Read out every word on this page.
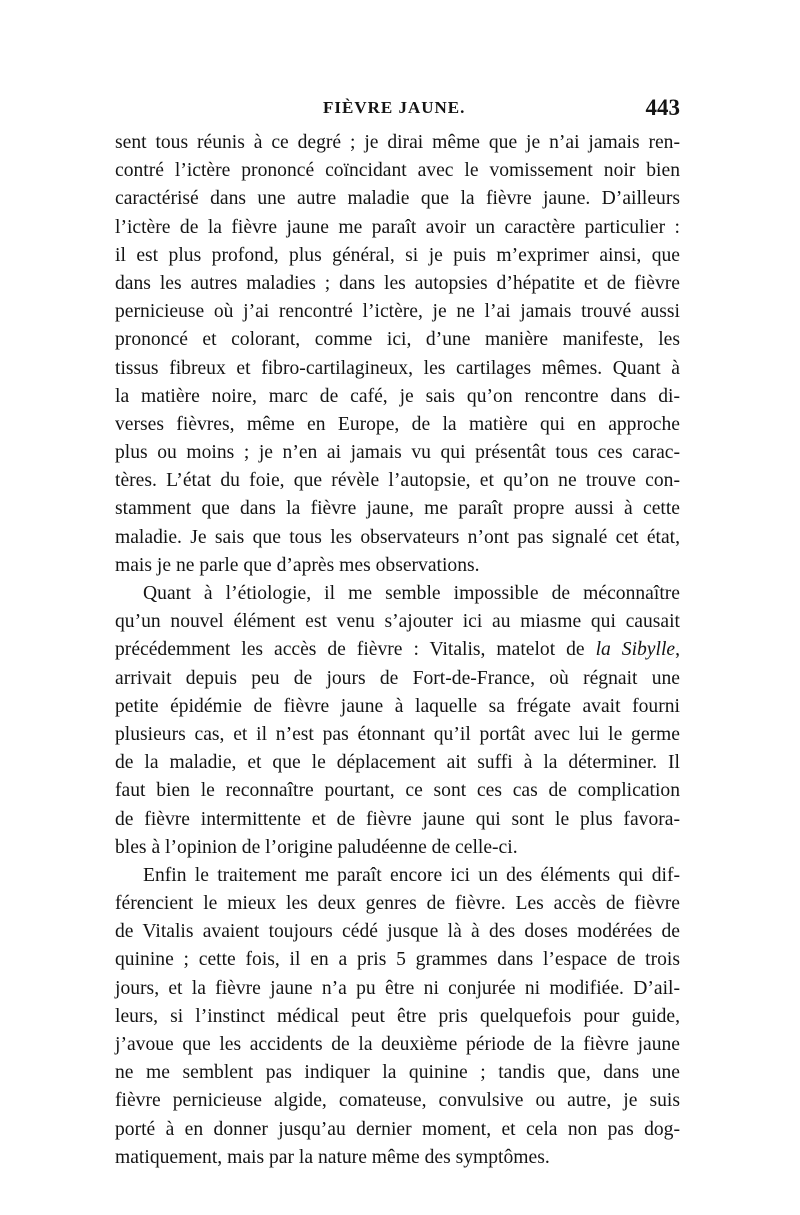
FIÈVRE JAUNE.	443
sent tous réunis à ce degré ; je dirai même que je n’ai jamais ren-
contré l’ictère prononcé coïncidant avec le vomissement noir bien
caractérisé dans une autre maladie que la fièvre jaune. D’ailleurs
l’ictère de la fièvre jaune me paraît avoir un caractère particulier :
il est plus profond, plus général, si je puis m’exprimer ainsi, que
dans les autres maladies ; dans les autopsies d’hépatite et de fièvre
pernicieuse où j’ai rencontré l’ictère, je ne l’ai jamais trouvé aussi
prononcé et colorant, comme ici, d’une manière manifeste, les
tissus fibreux et fibro-cartilagineux, les cartilages mêmes. Quant à
la matière noire, marc de café, je sais qu’on rencontre dans di-
verses fièvres, même en Europe, de la matière qui en approche
plus ou moins ; je n’en ai jamais vu qui présentât tous ces carac-
tères. L’état du foie, que révèle l’autopsie, et qu’on ne trouve con-
stamment que dans la fièvre jaune, me paraît propre aussi à cette
maladie. Je sais que tous les observateurs n’ont pas signalé cet état,
mais je ne parle que d’après mes observations.
Quant à l’étiologie, il me semble impossible de méconnaître
qu’un nouvel élément est venu s’ajouter ici au miasme qui causait
précédemment les accès de fièvre : Vitalis, matelot de la Sibylle,
arrivait depuis peu de jours de Fort-de-France, où régnait une
petite épidémie de fièvre jaune à laquelle sa frégate avait fourni
plusieurs cas, et il n’est pas étonnant qu’il portât avec lui le germe
de la maladie, et que le déplacement ait suffi à la déterminer. Il
faut bien le reconnaître pourtant, ce sont ces cas de complication
de fièvre intermittente et de fièvre jaune qui sont le plus favora-
bles à l’opinion de l’origine paludéenne de celle-ci.
Enfin le traitement me paraît encore ici un des éléments qui dif-
férencient le mieux les deux genres de fièvre. Les accès de fièvre
de Vitalis avaient toujours cédé jusque là à des doses modérées de
quinine ; cette fois, il en a pris 5 grammes dans l’espace de trois
jours, et la fièvre jaune n’a pu être ni conjurée ni modifiée. D’ail-
leurs, si l’instinct médical peut être pris quelquefois pour guide,
j’avoue que les accidents de la deuxième période de la fièvre jaune
ne me semblent pas indiquer la quinine ; tandis que, dans une
fièvre pernicieuse algide, comateuse, convulsive ou autre, je suis
porté à en donner jusqu’au dernier moment, et cela non pas dog-
matiquement, mais par la nature même des symptômes.
